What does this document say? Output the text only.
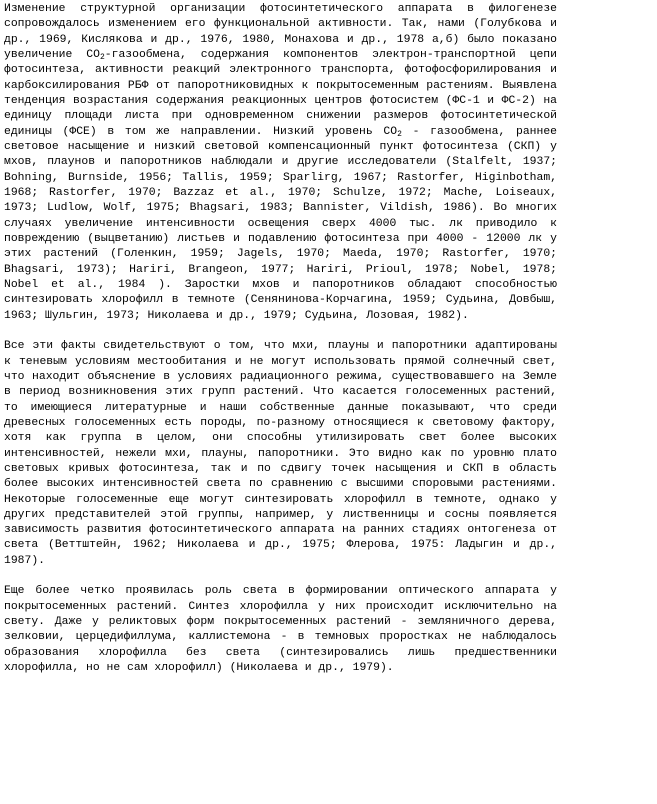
Изменение структурной организации фотосинтетического аппарата в филогенезе сопровождалось изменением его функциональной активности. Так, нами (Голубкова и др., 1969, Кислякова и др., 1976, 1980, Монахова и др., 1978 а,б) было показано увеличение $CO_2$-газообмена, содержания компонентов электрон-транспортной цепи фотосинтеза, активности реакций электронного транспорта, фотофосфорилирования и карбоксилирования РБФ от папоротниковидных к покрытосеменным растениям. Выявлена тенденция возрастания содержания реакционных центров фотосистем (ФС-1 и ФС-2) на единицу площади листа при одновременном снижении размеров фотосинтетической единицы (ФСЕ) в том же направлении. Низкий уровень $CO_2$ - газообмена, раннее световое насыщение и низкий световой компенсационный пункт фотосинтеза (СКП) у мхов, плаунов и папоротников наблюдали и другие исследователи (Stalfelt, 1937; Bohning, Burnside, 1956; Tallis, 1959; Sparlirg, 1967; Rastorfer, Higinbotham, 1968; Rastorfer, 1970; Bazzaz et al., 1970; Schulze, 1972; Mache, Loiseaux, 1973; Ludlow, Wolf, 1975; Bhagsari, 1983; Bannister, Vildish, 1986). Во многих случаях увеличение интенсивности освещения сверх 4000 тыс. лк приводило к повреждению (выцветанию) листьев и подавлению фотосинтеза при 4000 - 12000 лк у этих растений (Голенкин, 1959; Jagels, 1970; Maeda, 1970; Rastorfer, 1970; Bhagsari, 1973); Hariri, Brangeon, 1977; Hariri, Prioul, 1978; Nobel, 1978; Nobel et al., 1984 ). Заростки мхов и папоротников обладают способностью синтезировать хлорофилл в темноте (Сенянинова-Корчагина, 1959; Судьина, Довбыш, 1963; Шульгин, 1973; Николаева и др., 1979; Судьина, Лозовая, 1982).

Все эти факты свидетельствуют о том, что мхи, плауны и папоротники адаптированы к теневым условиям местообитания и не могут использовать прямой солнечный свет, что находит объяснение в условиях радиационного режима, существовавшего на Земле в период возникновения этих групп растений. Что касается голосеменных растений, то имеющиеся литературные и наши собственные данные показывают, что среди древесных голосеменных есть породы, по-разному относящиеся к световому фактору, хотя как группа в целом, они способны утилизировать свет более высоких интенсивностей, нежели мхи, плауны, папоротники. Это видно как по уровню плато световых кривых фотосинтеза, так и по сдвигу точек насыщения и СКП в область более высоких интенсивностей света по сравнению с высшими споровыми растениями. Некоторые голосеменные еще могут синтезировать хлорофилл в темноте, однако у других представителей этой группы, например, у лиственницы и сосны появляется зависимость развития фотосинтетического аппарата на ранних стадиях онтогенеза от света (Веттштейн, 1962; Николаева и др., 1975; Флерова, 1975: Ладыгин и др., 1987).

Еще более четко проявилась роль света в формировании оптического аппарата у покрытосеменных растений. Синтез хлорофилла у них происходит исключительно на свету. Даже у реликтовых форм покрытосеменных растений - земляничного дерева, зелковии, церцедифиллума, каллистемона - в темновых проростках не наблюдалось образования хлорофилла без света (синтезировались лишь предшественники хлорофилла, но не сам хлорофилл) (Николаева и др., 1979).
